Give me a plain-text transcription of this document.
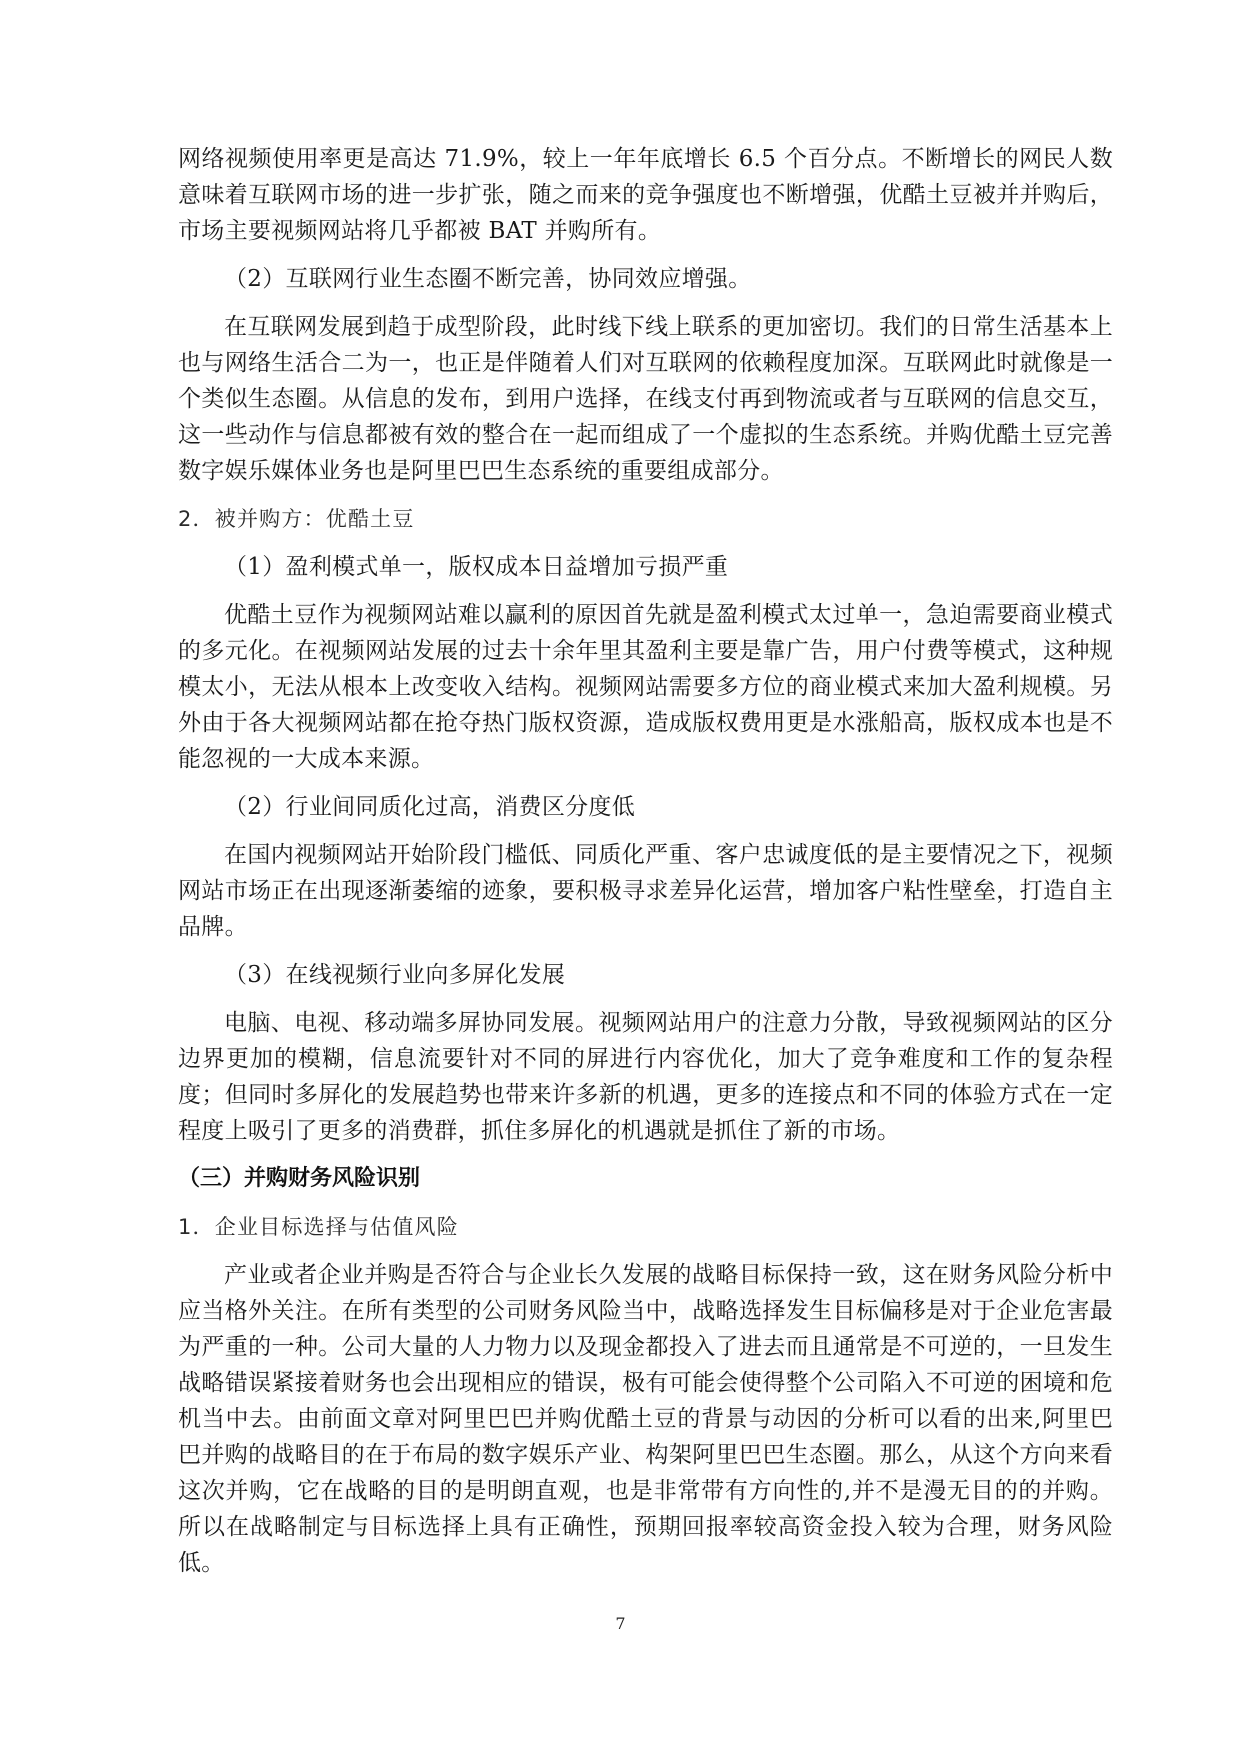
网络视频使用率更是高达 71.9%，较上一年年底增长 6.5 个百分点。不断增长的网民人数意味着互联网市场的进一步扩张，随之而来的竞争强度也不断增强，优酷土豆被并并购后，市场主要视频网站将几乎都被 BAT 并购所有。

（2）互联网行业生态圈不断完善，协同效应增强。

在互联网发展到趋于成型阶段，此时线下线上联系的更加密切。我们的日常生活基本上也与网络生活合二为一，也正是伴随着人们对互联网的依赖程度加深。互联网此时就像是一个类似生态圈。从信息的发布，到用户选择，在线支付再到物流或者与互联网的信息交互，这一些动作与信息都被有效的整合在一起而组成了一个虚拟的生态系统。并购优酷土豆完善数字娱乐媒体业务也是阿里巴巴生态系统的重要组成部分。

2．被并购方：优酷土豆

（1）盈利模式单一，版权成本日益增加亏损严重

优酷土豆作为视频网站难以赢利的原因首先就是盈利模式太过单一，急迫需要商业模式的多元化。在视频网站发展的过去十余年里其盈利主要是靠广告，用户付费等模式，这种规模太小，无法从根本上改变收入结构。视频网站需要多方位的商业模式来加大盈利规模。另外由于各大视频网站都在抢夺热门版权资源，造成版权费用更是水涨船高，版权成本也是不能忽视的一大成本来源。

（2）行业间同质化过高，消费区分度低

在国内视频网站开始阶段门槛低、同质化严重、客户忠诚度低的是主要情况之下，视频网站市场正在出现逐渐萎缩的迹象，要积极寻求差异化运营，增加客户粘性壁垒，打造自主品牌。

（3）在线视频行业向多屏化发展

电脑、电视、移动端多屏协同发展。视频网站用户的注意力分散，导致视频网站的区分边界更加的模糊，信息流要针对不同的屏进行内容优化，加大了竞争难度和工作的复杂程度；但同时多屏化的发展趋势也带来许多新的机遇，更多的连接点和不同的体验方式在一定程度上吸引了更多的消费群，抓住多屏化的机遇就是抓住了新的市场。

（三）并购财务风险识别

1．企业目标选择与估值风险

产业或者企业并购是否符合与企业长久发展的战略目标保持一致，这在财务风险分析中应当格外关注。在所有类型的公司财务风险当中，战略选择发生目标偏移是对于企业危害最为严重的一种。公司大量的人力物力以及现金都投入了进去而且通常是不可逆的，一旦发生战略错误紧接着财务也会出现相应的错误，极有可能会使得整个公司陷入不可逆的困境和危机当中去。由前面文章对阿里巴巴并购优酷土豆的背景与动因的分析可以看的出来,阿里巴巴并购的战略目的在于布局的数字娱乐产业、构架阿里巴巴生态圈。那么，从这个方向来看这次并购，它在战略的目的是明朗直观，也是非常带有方向性的,并不是漫无目的的并购。所以在战略制定与目标选择上具有正确性，预期回报率较高资金投入较为合理，财务风险低。

7
